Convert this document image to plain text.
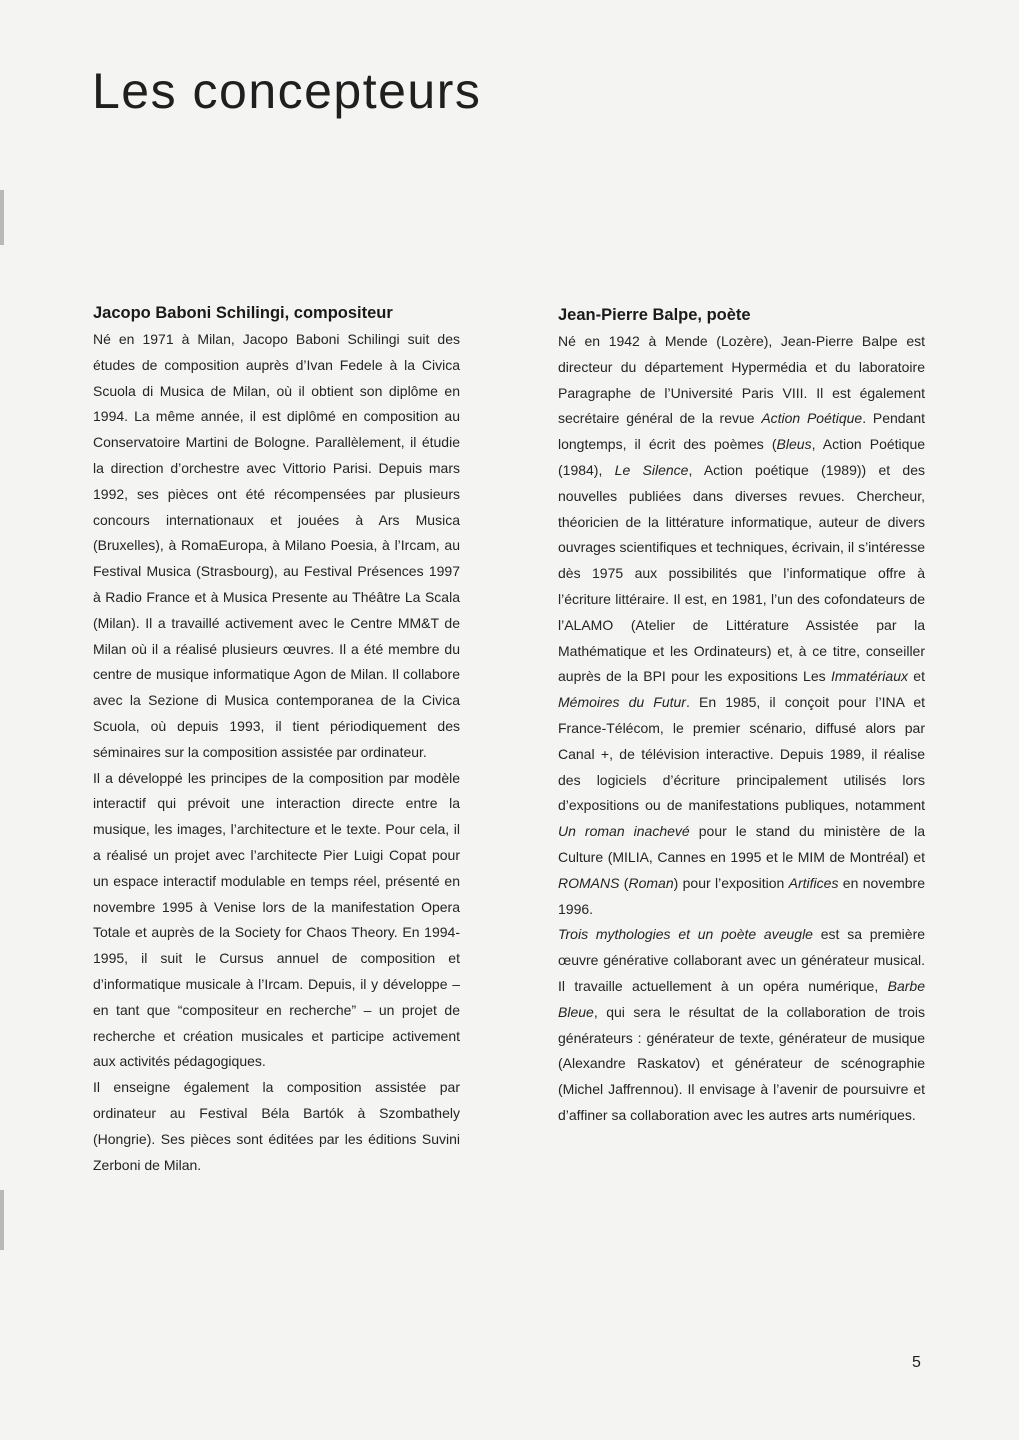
Les concepteurs
Jacopo Baboni Schilingi, compositeur

Né en 1971 à Milan, Jacopo Baboni Schilingi suit des études de composition auprès d’Ivan Fedele à la Civica Scuola di Musica de Milan, où il obtient son diplôme en 1994. La même année, il est diplômé en composition au Conservatoire Martini de Bologne. Parallèlement, il étudie la direction d’orchestre avec Vittorio Parisi. Depuis mars 1992, ses pièces ont été récompensées par plusieurs concours internationaux et jouées à Ars Musica (Bruxelles), à RomaEuropa, à Milano Poesia, à l’Ircam, au Festival Musica (Strasbourg), au Festival Présences 1997 à Radio France et à Musica Presente au Théâtre La Scala (Milan). Il a travaillé activement avec le Centre MM&T de Milan où il a réalisé plusieurs œuvres. Il a été membre du centre de musique informatique Agon de Milan. Il collabore avec la Sezione di Musica contemporanea de la Civica Scuola, où depuis 1993, il tient périodiquement des séminaires sur la composition assistée par ordinateur.

Il a développé les principes de la composition par modèle interactif qui prévoit une interaction directe entre la musique, les images, l’architecture et le texte. Pour cela, il a réalisé un projet avec l’architecte Pier Luigi Copat pour un espace interactif modulable en temps réel, présenté en novembre 1995 à Venise lors de la manifestation Opera Totale et auprès de la Society for Chaos Theory. En 1994-1995, il suit le Cursus annuel de composition et d’informatique musicale à l’Ircam. Depuis, il y développe – en tant que “compositeur en recherche” – un projet de recherche et création musicales et participe activement aux activités pédagogiques.

Il enseigne également la composition assistée par ordinateur au Festival Béla Bartók à Szombathely (Hongrie). Ses pièces sont éditées par les éditions Suvini Zerboni de Milan.

Jean-Pierre Balpe, poète

Né en 1942 à Mende (Lozère), Jean-Pierre Balpe est directeur du département Hypermédia et du laboratoire Paragraphe de l’Université Paris VIII. Il est également secrétaire général de la revue Action Poétique. Pendant longtemps, il écrit des poèmes (Bleus, Action Poétique (1984), Le Silence, Action poétique (1989)) et des nouvelles publiées dans diverses revues. Chercheur, théoricien de la littérature informatique, auteur de divers ouvrages scientifiques et techniques, écrivain, il s’intéresse dès 1975 aux possibilités que l’informatique offre à l’écriture littéraire. Il est, en 1981, l’un des cofondateurs de l’ALAMO (Atelier de Littérature Assistée par la Mathématique et les Ordinateurs) et, à ce titre, conseiller auprès de la BPI pour les expositions Les Immatériaux et Mémoires du Futur. En 1985, il conçoit pour l’INA et France-Télécom, le premier scénario, diffusé alors par Canal +, de télévision interactive. Depuis 1989, il réalise des logiciels d’écriture principalement utilisés lors d’expositions ou de manifestations publiques, notamment Un roman inachevé pour le stand du ministère de la Culture (MILIA, Cannes en 1995 et le MIM de Montréal) et ROMANS (Roman) pour l’exposition Artifices en novembre 1996.

Trois mythologies et un poète aveugle est sa première œuvre générative collaborant avec un générateur musical. Il travaille actuellement à un opéra numérique, Barbe Bleue, qui sera le résultat de la collaboration de trois générateurs : générateur de texte, générateur de musique (Alexandre Raskatov) et générateur de scénographie (Michel Jaffrennou). Il envisage à l’avenir de poursuivre et d’affiner sa collaboration avec les autres arts numériques.

5
